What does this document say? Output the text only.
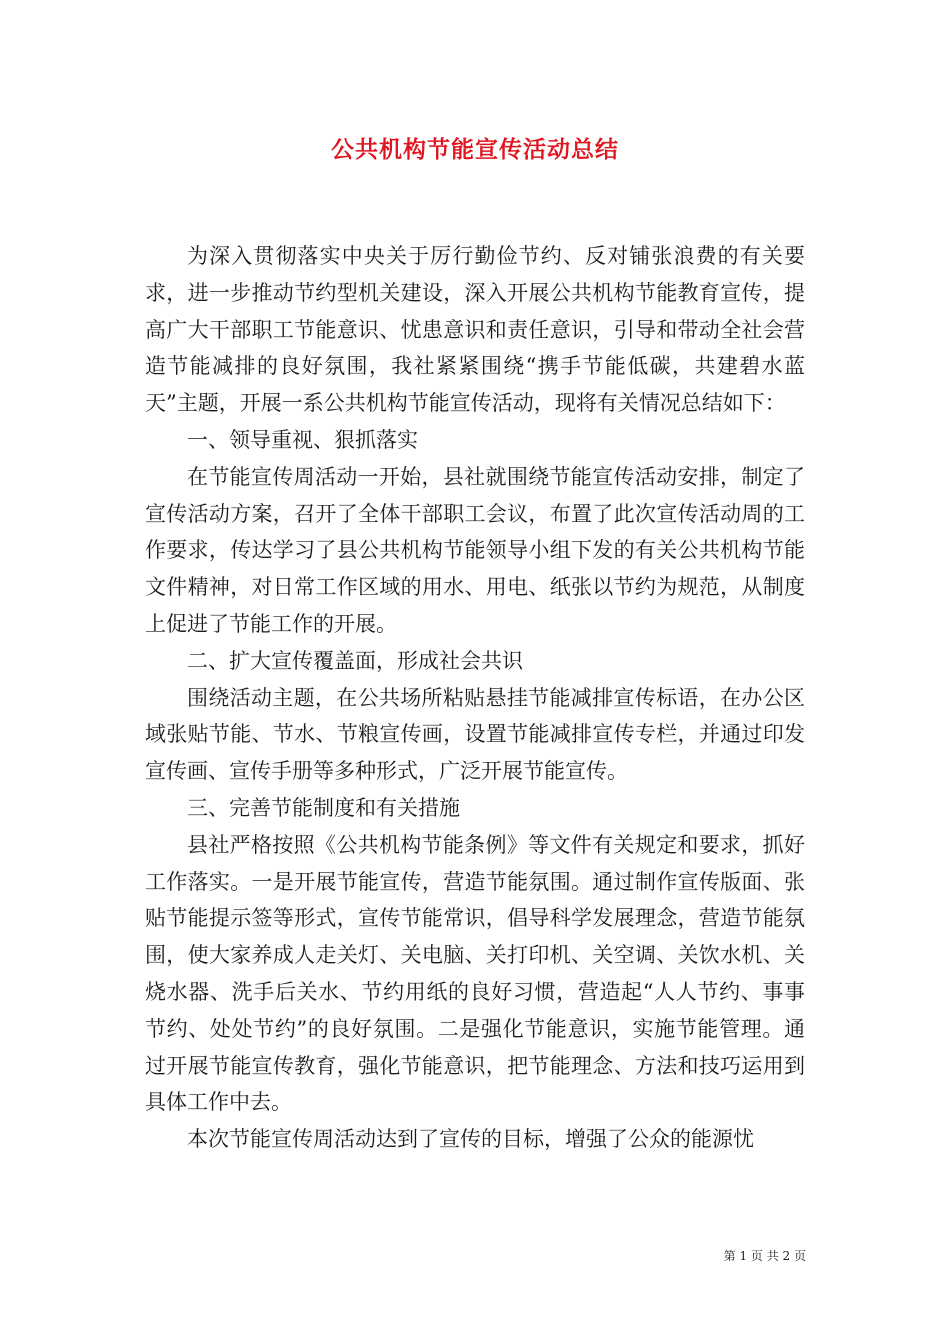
公共机构节能宣传活动总结

为深入贯彻落实中央关于厉行勤俭节约、反对铺张浪费的有关要求，进一步推动节约型机关建设，深入开展公共机构节能教育宣传，提高广大干部职工节能意识、忧患意识和责任意识，引导和带动全社会营造节能减排的良好氛围，我社紧紧围绕“携手节能低碳，共建碧水蓝天”主题，开展一系公共机构节能宣传活动，现将有关情况总结如下：

一、领导重视、狠抓落实

在节能宣传周活动一开始，县社就围绕节能宣传活动安排，制定了宣传活动方案，召开了全体干部职工会议，布置了此次宣传活动周的工作要求，传达学习了县公共机构节能领导小组下发的有关公共机构节能文件精神，对日常工作区域的用水、用电、纸张以节约为规范，从制度上促进了节能工作的开展。

二、扩大宣传覆盖面，形成社会共识

围绕活动主题，在公共场所粘贴悬挂节能减排宣传标语，在办公区域张贴节能、节水、节粮宣传画，设置节能减排宣传专栏，并通过印发宣传画、宣传手册等多种形式，广泛开展节能宣传。

三、完善节能制度和有关措施

县社严格按照《公共机构节能条例》等文件有关规定和要求，抓好工作落实。一是开展节能宣传，营造节能氛围。通过制作宣传版面、张贴节能提示签等形式，宣传节能常识，倡导科学发展理念，营造节能氛围，使大家养成人走关灯、关电脑、关打印机、关空调、关饮水机、关烧水器、洗手后关水、节约用纸的良好习惯，营造起“人人节约、事事节约、处处节约”的良好氛围。二是强化节能意识，实施节能管理。通过开展节能宣传教育，强化节能意识，把节能理念、方法和技巧运用到具体工作中去。

本次节能宣传周活动达到了宣传的目标，增强了公众的能源忧

第 1 页 共 2 页
